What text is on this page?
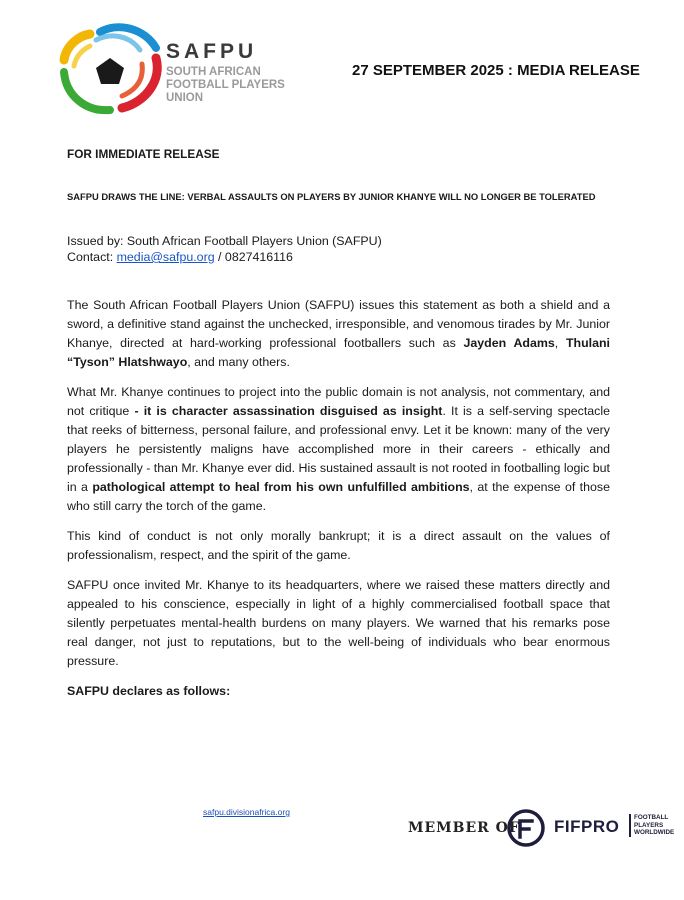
SAFPU
SOUTH AFRICAN
FOOTBALL PLAYERS
UNION
27 SEPTEMBER 2025 : MEDIA RELEASE
FOR IMMEDIATE RELEASE
SAFPU DRAWS THE LINE: VERBAL ASSAULTS ON PLAYERS BY JUNIOR KHANYE WILL NO LONGER BE TOLERATED
Issued by: South African Football Players Union (SAFPU)
Contact: media@safpu.org / 0827416116

The South African Football Players Union (SAFPU) issues this statement as both a shield and a sword, a definitive stand against the unchecked, irresponsible, and venomous tirades by Mr. Junior Khanye, directed at hard-working professional footballers such as Jayden Adams, Thulani “Tyson” Hlatshwayo, and many others.

What Mr. Khanye continues to project into the public domain is not analysis, not commentary, and not critique - it is character assassination disguised as insight. It is a self-serving spectacle that reeks of bitterness, personal failure, and professional envy. Let it be known: many of the very players he persistently maligns have accomplished more in their careers - ethically and professionally - than Mr. Khanye ever did. His sustained assault is not rooted in footballing logic but in a pathological attempt to heal from his own unfulfilled ambitions, at the expense of those who still carry the torch of the game.

This kind of conduct is not only morally bankrupt; it is a direct assault on the values of professionalism, respect, and the spirit of the game.

SAFPU once invited Mr. Khanye to its headquarters, where we raised these matters directly and appealed to his conscience, especially in light of a highly commercialised football space that silently perpetuates mental-health burdens on many players. We warned that his remarks pose real danger, not just to reputations, but to the well-being of individuals who bear enormous pressure.

SAFPU declares as follows:

safpu.divisionafrica.org
MEMBER OF FIFPRO FOOTBALL
PLAYERS
WORLDWIDE
